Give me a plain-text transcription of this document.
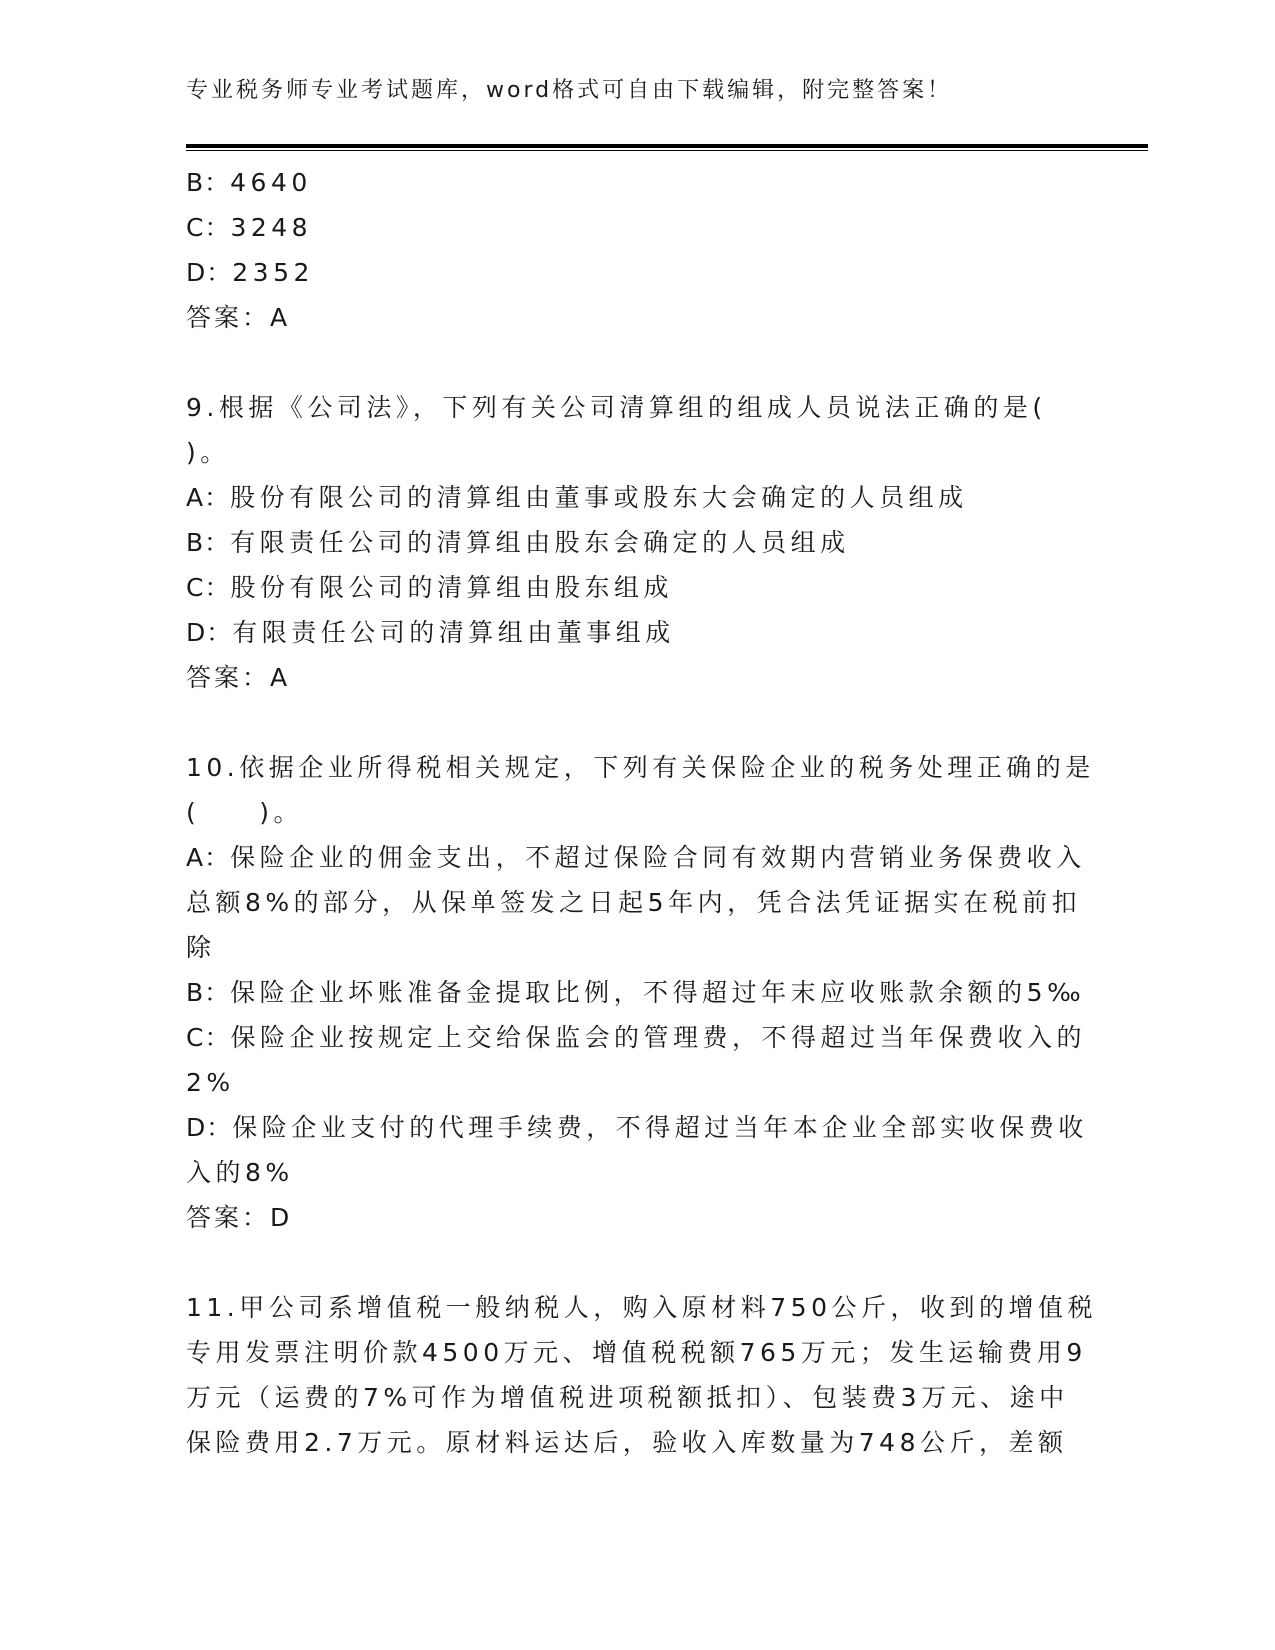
专业税务师专业考试题库，word格式可自由下载编辑，附完整答案！
B：4640
C：3248
D：2352
答案：A
9.根据《公司法》，下列有关公司清算组的组成人员说法正确的是(
)。
A：股份有限公司的清算组由董事或股东大会确定的人员组成
B：有限责任公司的清算组由股东会确定的人员组成
C：股份有限公司的清算组由股东组成
D：有限责任公司的清算组由董事组成
答案：A
10.依据企业所得税相关规定，下列有关保险企业的税务处理正确的是
(　　)。
A：保险企业的佣金支出，不超过保险合同有效期内营销业务保费收入
总额8%的部分，从保单签发之日起5年内，凭合法凭证据实在税前扣
除
B：保险企业坏账准备金提取比例，不得超过年末应收账款余额的5‰
C：保险企业按规定上交给保监会的管理费，不得超过当年保费收入的
2%
D：保险企业支付的代理手续费，不得超过当年本企业全部实收保费收
入的8%
答案：D
11.甲公司系增值税一般纳税人，购入原材料750公斤，收到的增值税
专用发票注明价款4500万元、增值税税额765万元；发生运输费用9
万元（运费的7%可作为增值税进项税额抵扣）、包装费3万元、途中
保险费用2.7万元。原材料运达后，验收入库数量为748公斤，差额
